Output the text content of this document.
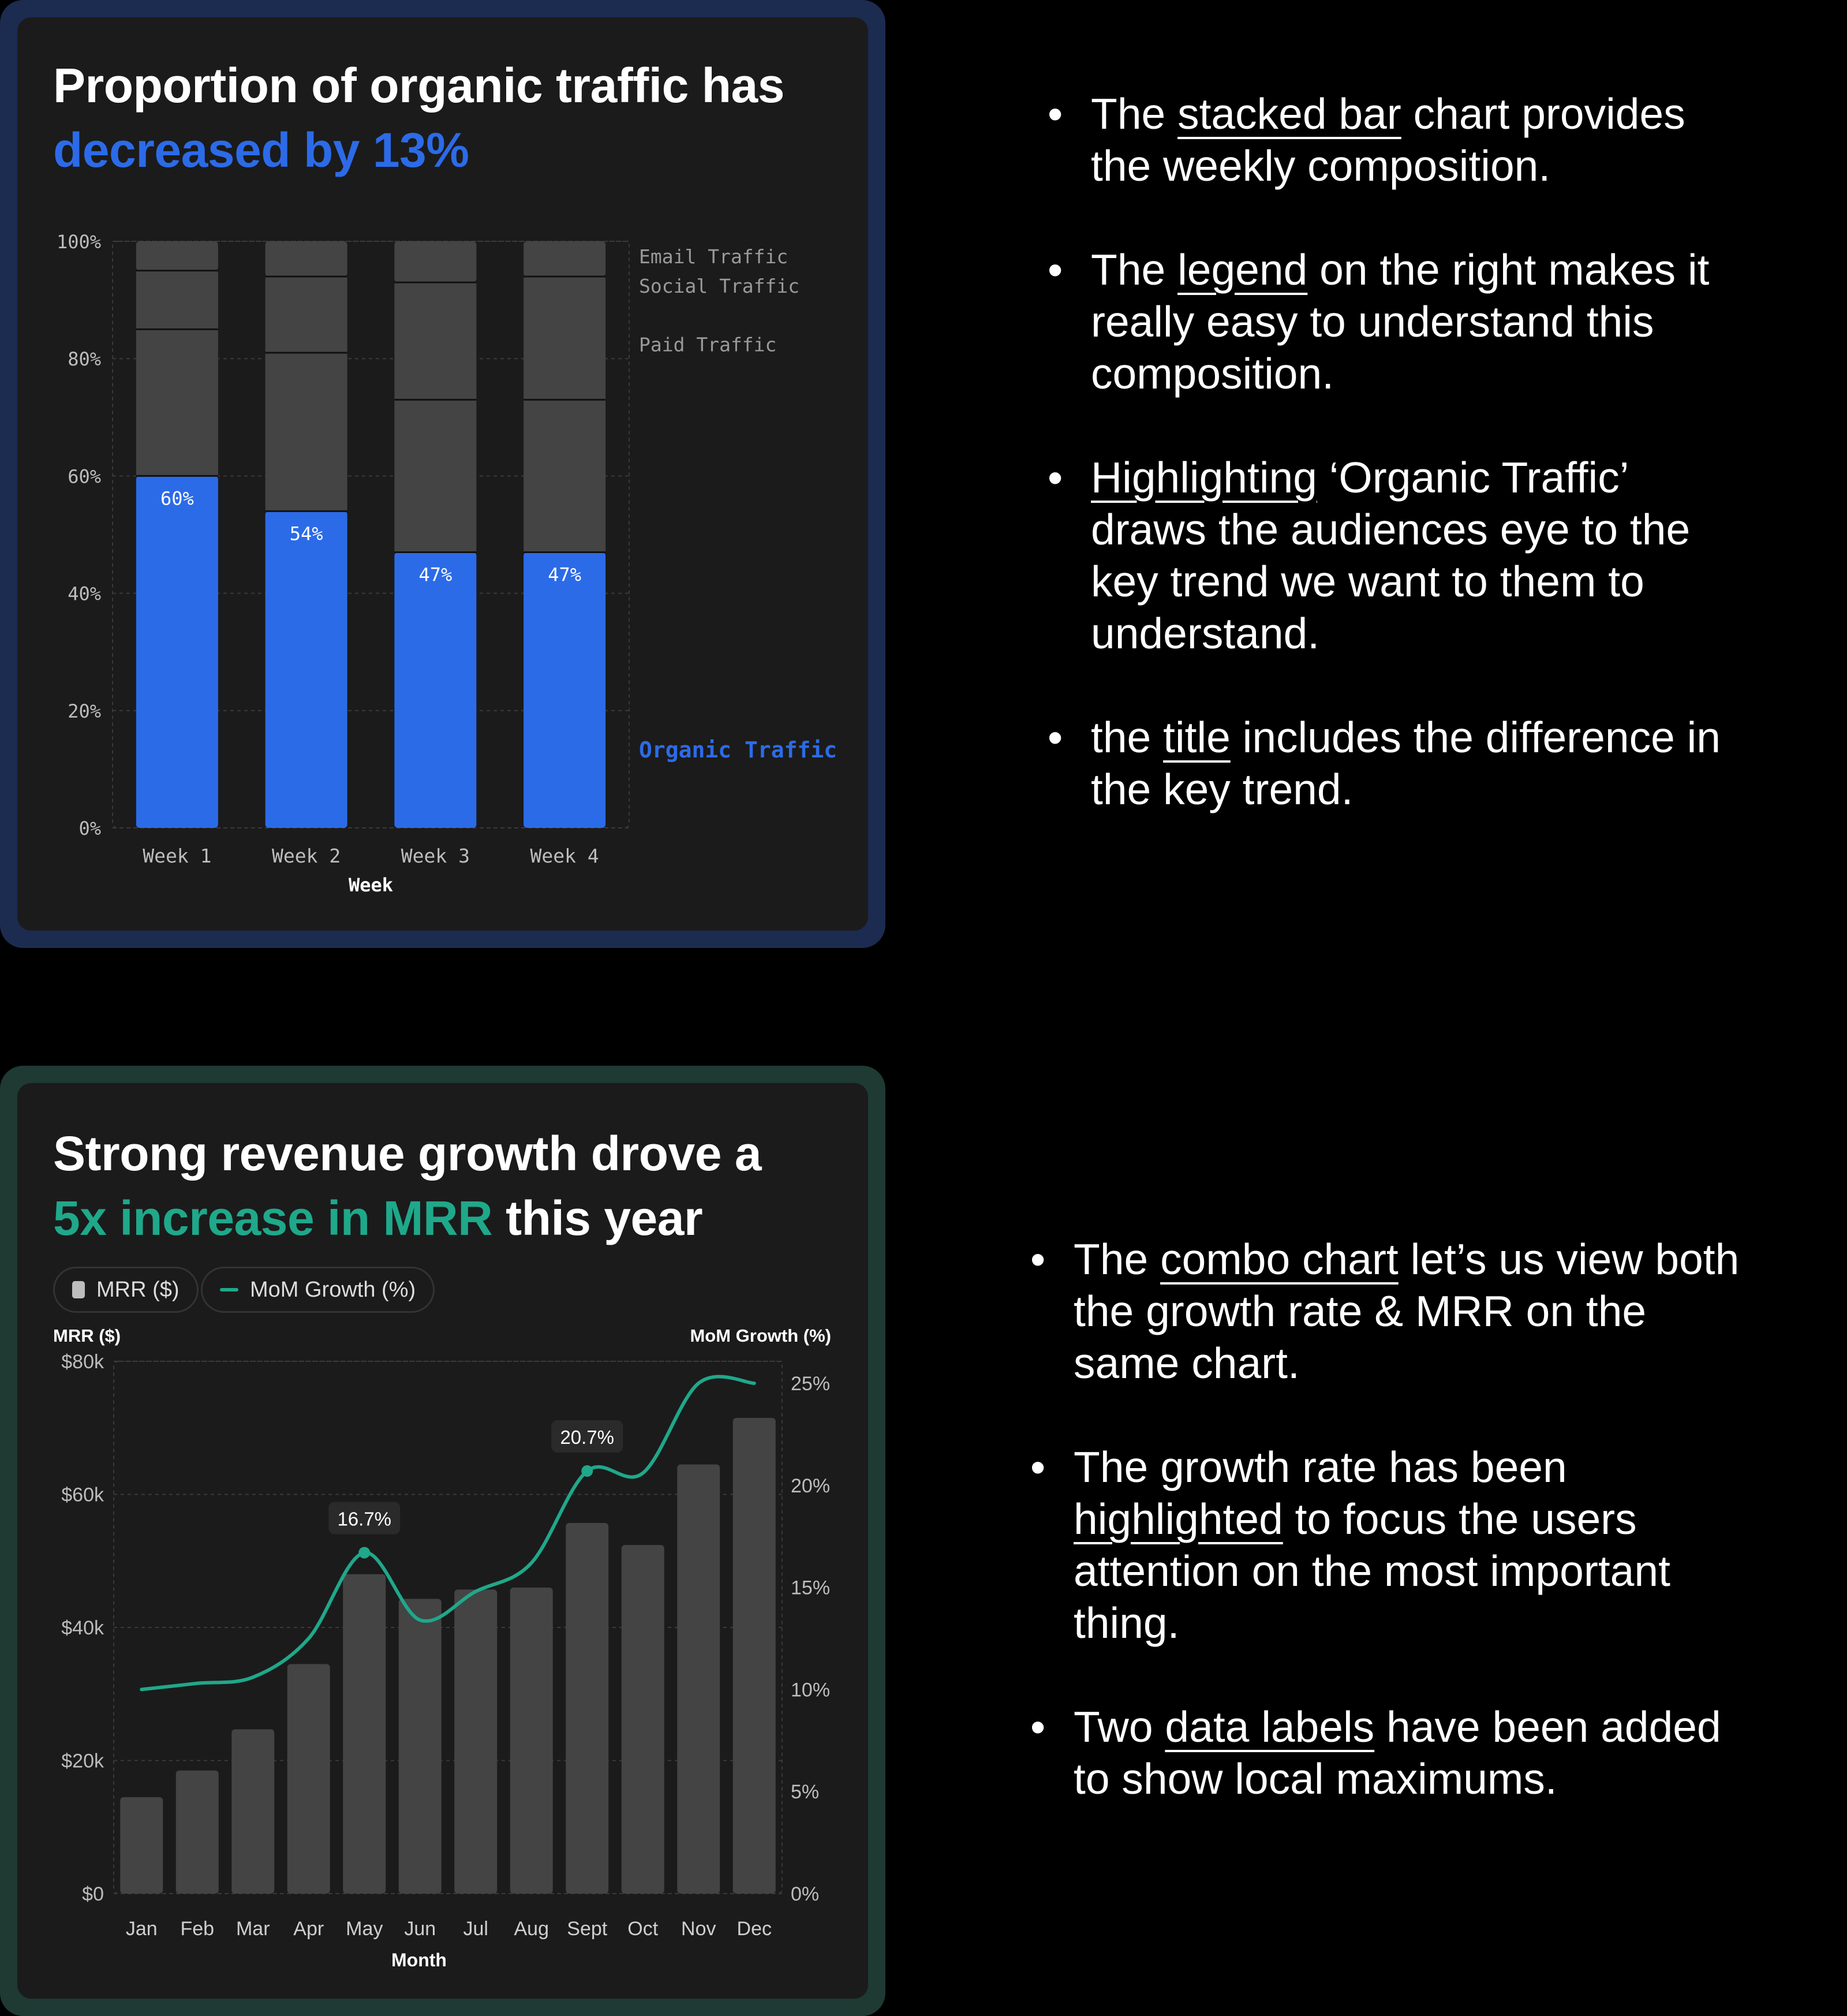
Proportion of organic traffic has
decreased by 13%
0%
20%
40%
60%
80%
100%
60%
Week 1
54%
Week 2
47%
Week 3
47%
Week 4
Week
Organic Traffic
Paid Traffic
Social Traffic
Email Traffic
Strong revenue growth drove a
5x increase in MRR this year
MRR ($)	MoM Growth (%)
MRR ($)	MoM Growth (%)
$0
$20k
$40k
$60k
$80k
0%
5%
10%
15%
20%
25%
Jan Feb Mar Apr May Jun Jul Aug Sept Oct Nov Dec
Month
16.7%
20.7%
• The stacked bar chart provides the weekly composition.
• The legend on the right makes it really easy to understand this composition.
• Highlighting ‘Organic Traffic’ draws the audiences eye to the key trend we want to them to understand.
• the title includes the difference in the key trend.
• The combo chart let’s us view both the growth rate & MRR on the same chart.
• The growth rate has been highlighted to focus the users attention on the most important thing.
• Two data labels have been added to show local maximums.
